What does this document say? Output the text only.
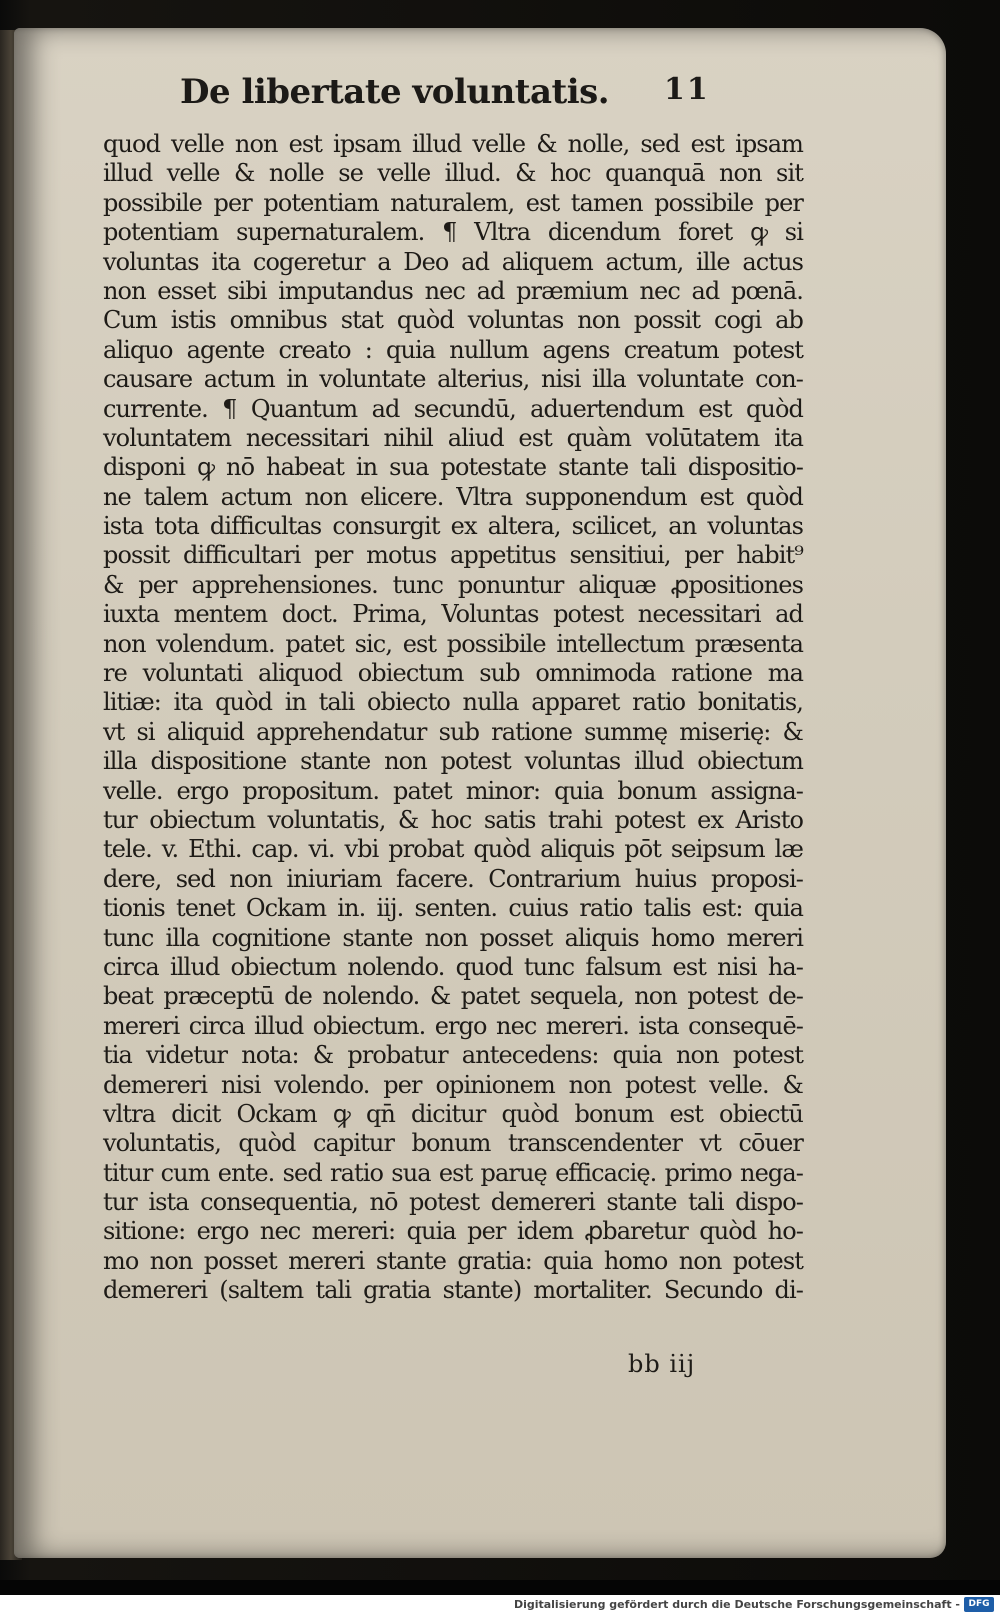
De libertate voluntatis.	11
quod velle non est ipsam illud velle & nolle, sed est ipsam
illud velle & nolle se velle illud. & hoc quanquā non sit
possibile per potentiam naturalem, est tamen possibile per
potentiam supernaturalem. ¶ Vltra dicendum foret ꝙ si
voluntas ita cogeretur a Deo ad aliquem actum, ille actus
non esset sibi imputandus nec ad præmium nec ad pœnā.
Cum istis omnibus stat quòd voluntas non possit cogi ab
aliquo agente creato : quia nullum agens creatum potest
causare actum in voluntate alterius, nisi illa voluntate con-
currente. ¶ Quantum ad secundū, aduertendum est quòd
voluntatem necessitari nihil aliud est quàm volūtatem ita
disponi ꝙ nō habeat in sua potestate stante tali dispositio-
ne talem actum non elicere. Vltra supponendum est quòd
ista tota difficultas consurgit ex altera, scilicet, an voluntas
possit difficultari per motus appetitus sensitiui, per habit⁹
& per apprehensiones. tunc ponuntur aliquæ ꝓpositiones
iuxta mentem doct. Prima, Voluntas potest necessitari ad
non volendum. patet sic, est possibile intellectum præsenta
re voluntati aliquod obiectum sub omnimoda ratione ma
litiæ: ita quòd in tali obiecto nulla apparet ratio bonitatis,
vt si aliquid apprehendatur sub ratione summę miserię: &
illa dispositione stante non potest voluntas illud obiectum
velle. ergo propositum. patet minor: quia bonum assigna-
tur obiectum voluntatis, & hoc satis trahi potest ex Aristo
tele. v. Ethi. cap. vi. vbi probat quòd aliquis pōt seipsum læ
dere, sed non iniuriam facere. Contrarium huius proposi-
tionis tenet Ockam in. iij. senten. cuius ratio talis est: quia
tunc illa cognitione stante non posset aliquis homo mereri
circa illud obiectum nolendo. quod tunc falsum est nisi ha-
beat præceptū de nolendo. & patet sequela, non potest de-
mereri circa illud obiectum. ergo nec mereri. ista consequē-
tia videtur nota: & probatur antecedens: quia non potest
demereri nisi volendo. per opinionem non potest velle. &
vltra dicit Ockam ꝙ qn̄ dicitur quòd bonum est obiectū
voluntatis, quòd capitur bonum transcendenter vt cōuer
titur cum ente. sed ratio sua est paruę efficacię. primo nega-
tur ista consequentia, nō potest demereri stante tali dispo-
sitione: ergo nec mereri: quia per idem ꝓbaretur quòd ho-
mo non posset mereri stante gratia: quia homo non potest
demereri (saltem tali gratia stante) mortaliter. Secundo di-
bb iij
Digitalisierung gefördert durch die Deutsche Forschungsgemeinschaft - DFG
